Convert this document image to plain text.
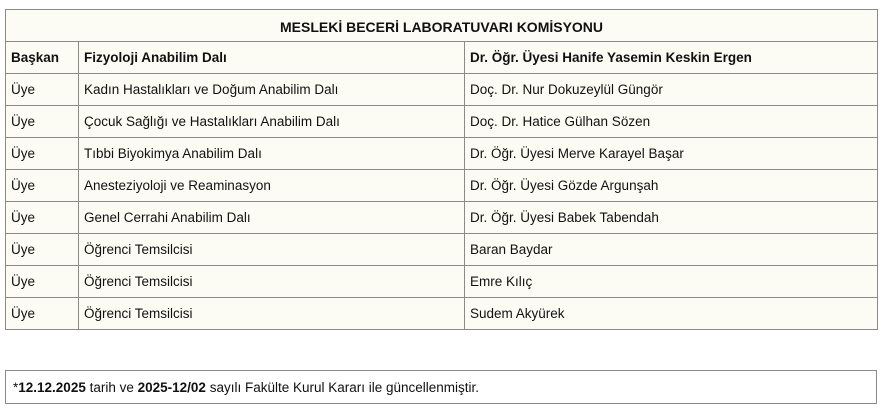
MESLEKİ BECERİ LABORATUVARI KOMİSYONU		
Başkan	Fizyoloji Anabilim Dalı	Dr. Öğr. Üyesi Hanife Yasemin Keskin Ergen
Üye	Kadın Hastalıkları ve Doğum Anabilim Dalı	Doç. Dr. Nur Dokuzeylül Güngör
Üye	Çocuk Sağlığı ve Hastalıkları Anabilim Dalı	Doç. Dr. Hatice Gülhan Sözen
Üye	Tıbbi Biyokimya Anabilim Dalı	Dr. Öğr. Üyesi Merve Karayel Başar
Üye	Anesteziyoloji ve Reaminasyon	Dr. Öğr. Üyesi Gözde Argunşah
Üye	Genel Cerrahi Anabilim Dalı	Dr. Öğr. Üyesi Babek Tabendah
Üye	Öğrenci Temsilcisi	Baran Baydar
Üye	Öğrenci Temsilcisi	Emre Kılıç
Üye	Öğrenci Temsilcisi	Sudem Akyürek
*12.12.2025 tarih ve 2025-12/02 sayılı Fakülte Kurul Kararı ile güncellenmiştir.
